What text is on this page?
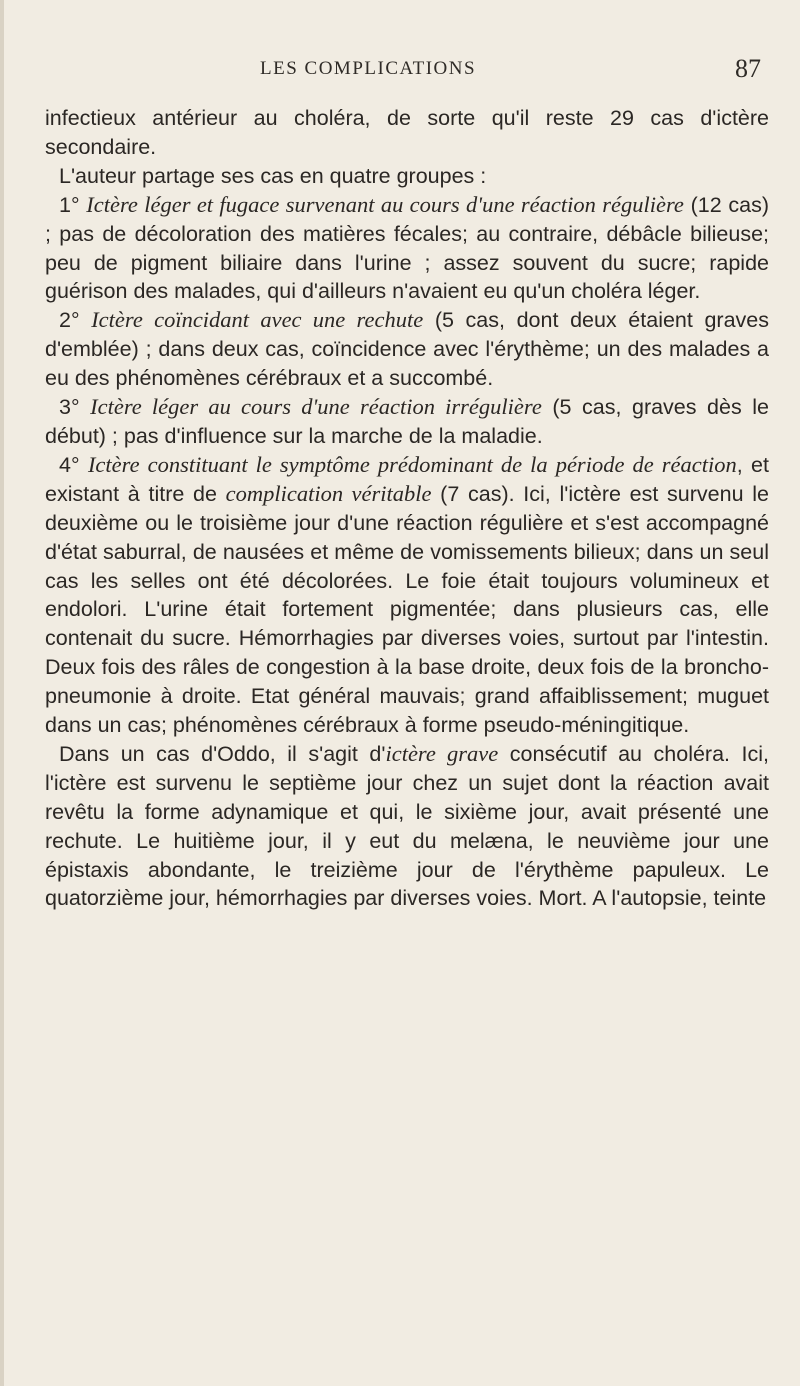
LES COMPLICATIONS	87

infectieux antérieur au choléra, de sorte qu'il reste 29 cas d'ictère secondaire.

L'auteur partage ses cas en quatre groupes :

1° Ictère léger et fugace survenant au cours d'une réaction régulière (12 cas) ; pas de décoloration des matières fécales; au contraire, débâcle bilieuse; peu de pigment biliaire dans l'urine ; assez souvent du sucre; rapide guérison des malades, qui d'ailleurs n'avaient eu qu'un choléra léger.

2° Ictère coïncidant avec une rechute (5 cas, dont deux étaient graves d'emblée) ; dans deux cas, coïncidence avec l'érythème; un des malades a eu des phénomènes cérébraux et a succombé.

3° Ictère léger au cours d'une réaction irrégulière (5 cas, graves dès le début) ; pas d'influence sur la marche de la maladie.

4° Ictère constituant le symptôme prédominant de la période de réaction, et existant à titre de complication véritable (7 cas). Ici, l'ictère est survenu le deuxième ou le troisième jour d'une réaction régulière et s'est accompagné d'état saburral, de nausées et même de vomissements bilieux; dans un seul cas les selles ont été décolorées. Le foie était toujours volumineux et endolori. L'urine était fortement pigmentée; dans plusieurs cas, elle contenait du sucre. Hémorrhagies par diverses voies, surtout par l'intestin. Deux fois des râles de congestion à la base droite, deux fois de la broncho-pneumonie à droite. Etat général mauvais; grand affaiblissement; muguet dans un cas; phénomènes cérébraux à forme pseudo-méningitique.

Dans un cas d'Oddo, il s'agit d'ictère grave consécutif au choléra. Ici, l'ictère est survenu le septième jour chez un sujet dont la réaction avait revêtu la forme adynamique et qui, le sixième jour, avait présenté une rechute. Le huitième jour, il y eut du melæna, le neuvième jour une épistaxis abondante, le treizième jour de l'érythème papuleux. Le quatorzième jour, hémorrhagies par diverses voies. Mort. A l'autopsie, teinte
